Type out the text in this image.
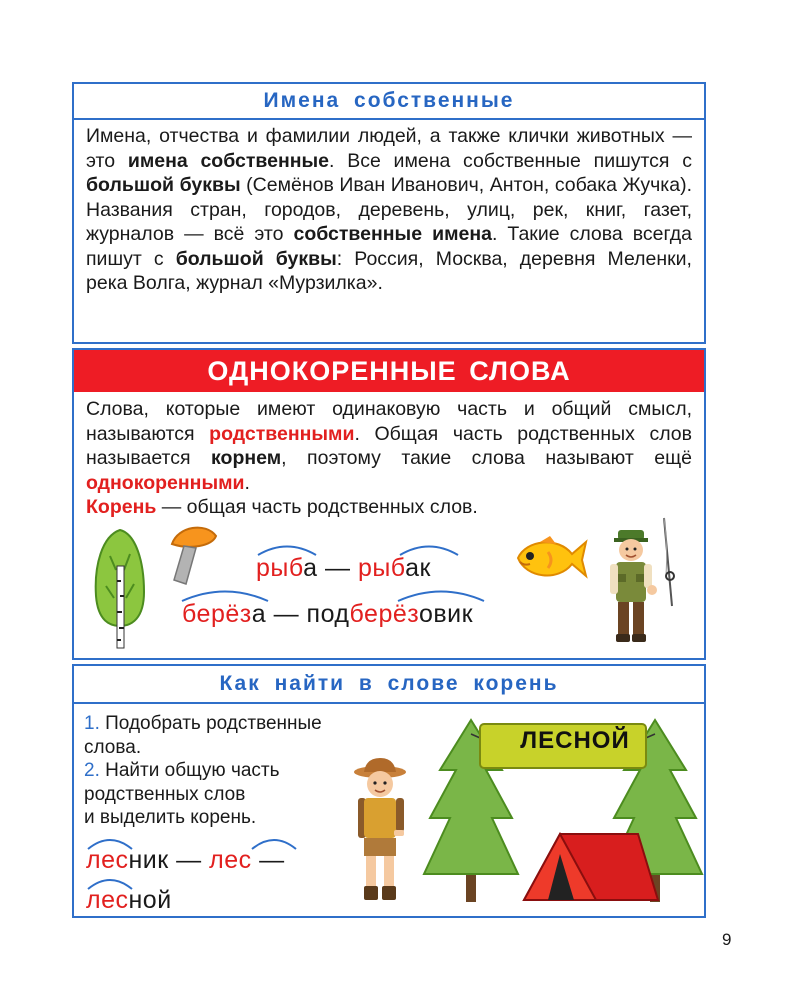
Имена собственные
Имена, отчества и фамилии людей, а также клички животных — это имена собственные. Все имена собственные пишутся с большой буквы (Семёнов Иван Иванович, Антон, собака Жучка). Названия стран, городов, деревень, улиц, рек, книг, газет, журналов — всё это собственные имена. Такие слова всегда пишут с большой буквы: Россия, Москва, деревня Меленки, река Волга, журнал «Мурзилка».
ОДНОКОРЕННЫЕ СЛОВА
Слова, которые имеют одинаковую часть и общий смысл, называются родственными. Общая часть родственных слов называется корнем, поэтому такие слова называют ещё однокоренными.
Корень — общая часть родственных слов.
рыба — рыбак
берёза — подберёзовик
Как найти в слове корень
1. Подобрать родственные
слова.
2. Найти общую часть
родственных слов
и выделить корень.
лесник — лес —
лесной
ЛЕСНОЙ
9
